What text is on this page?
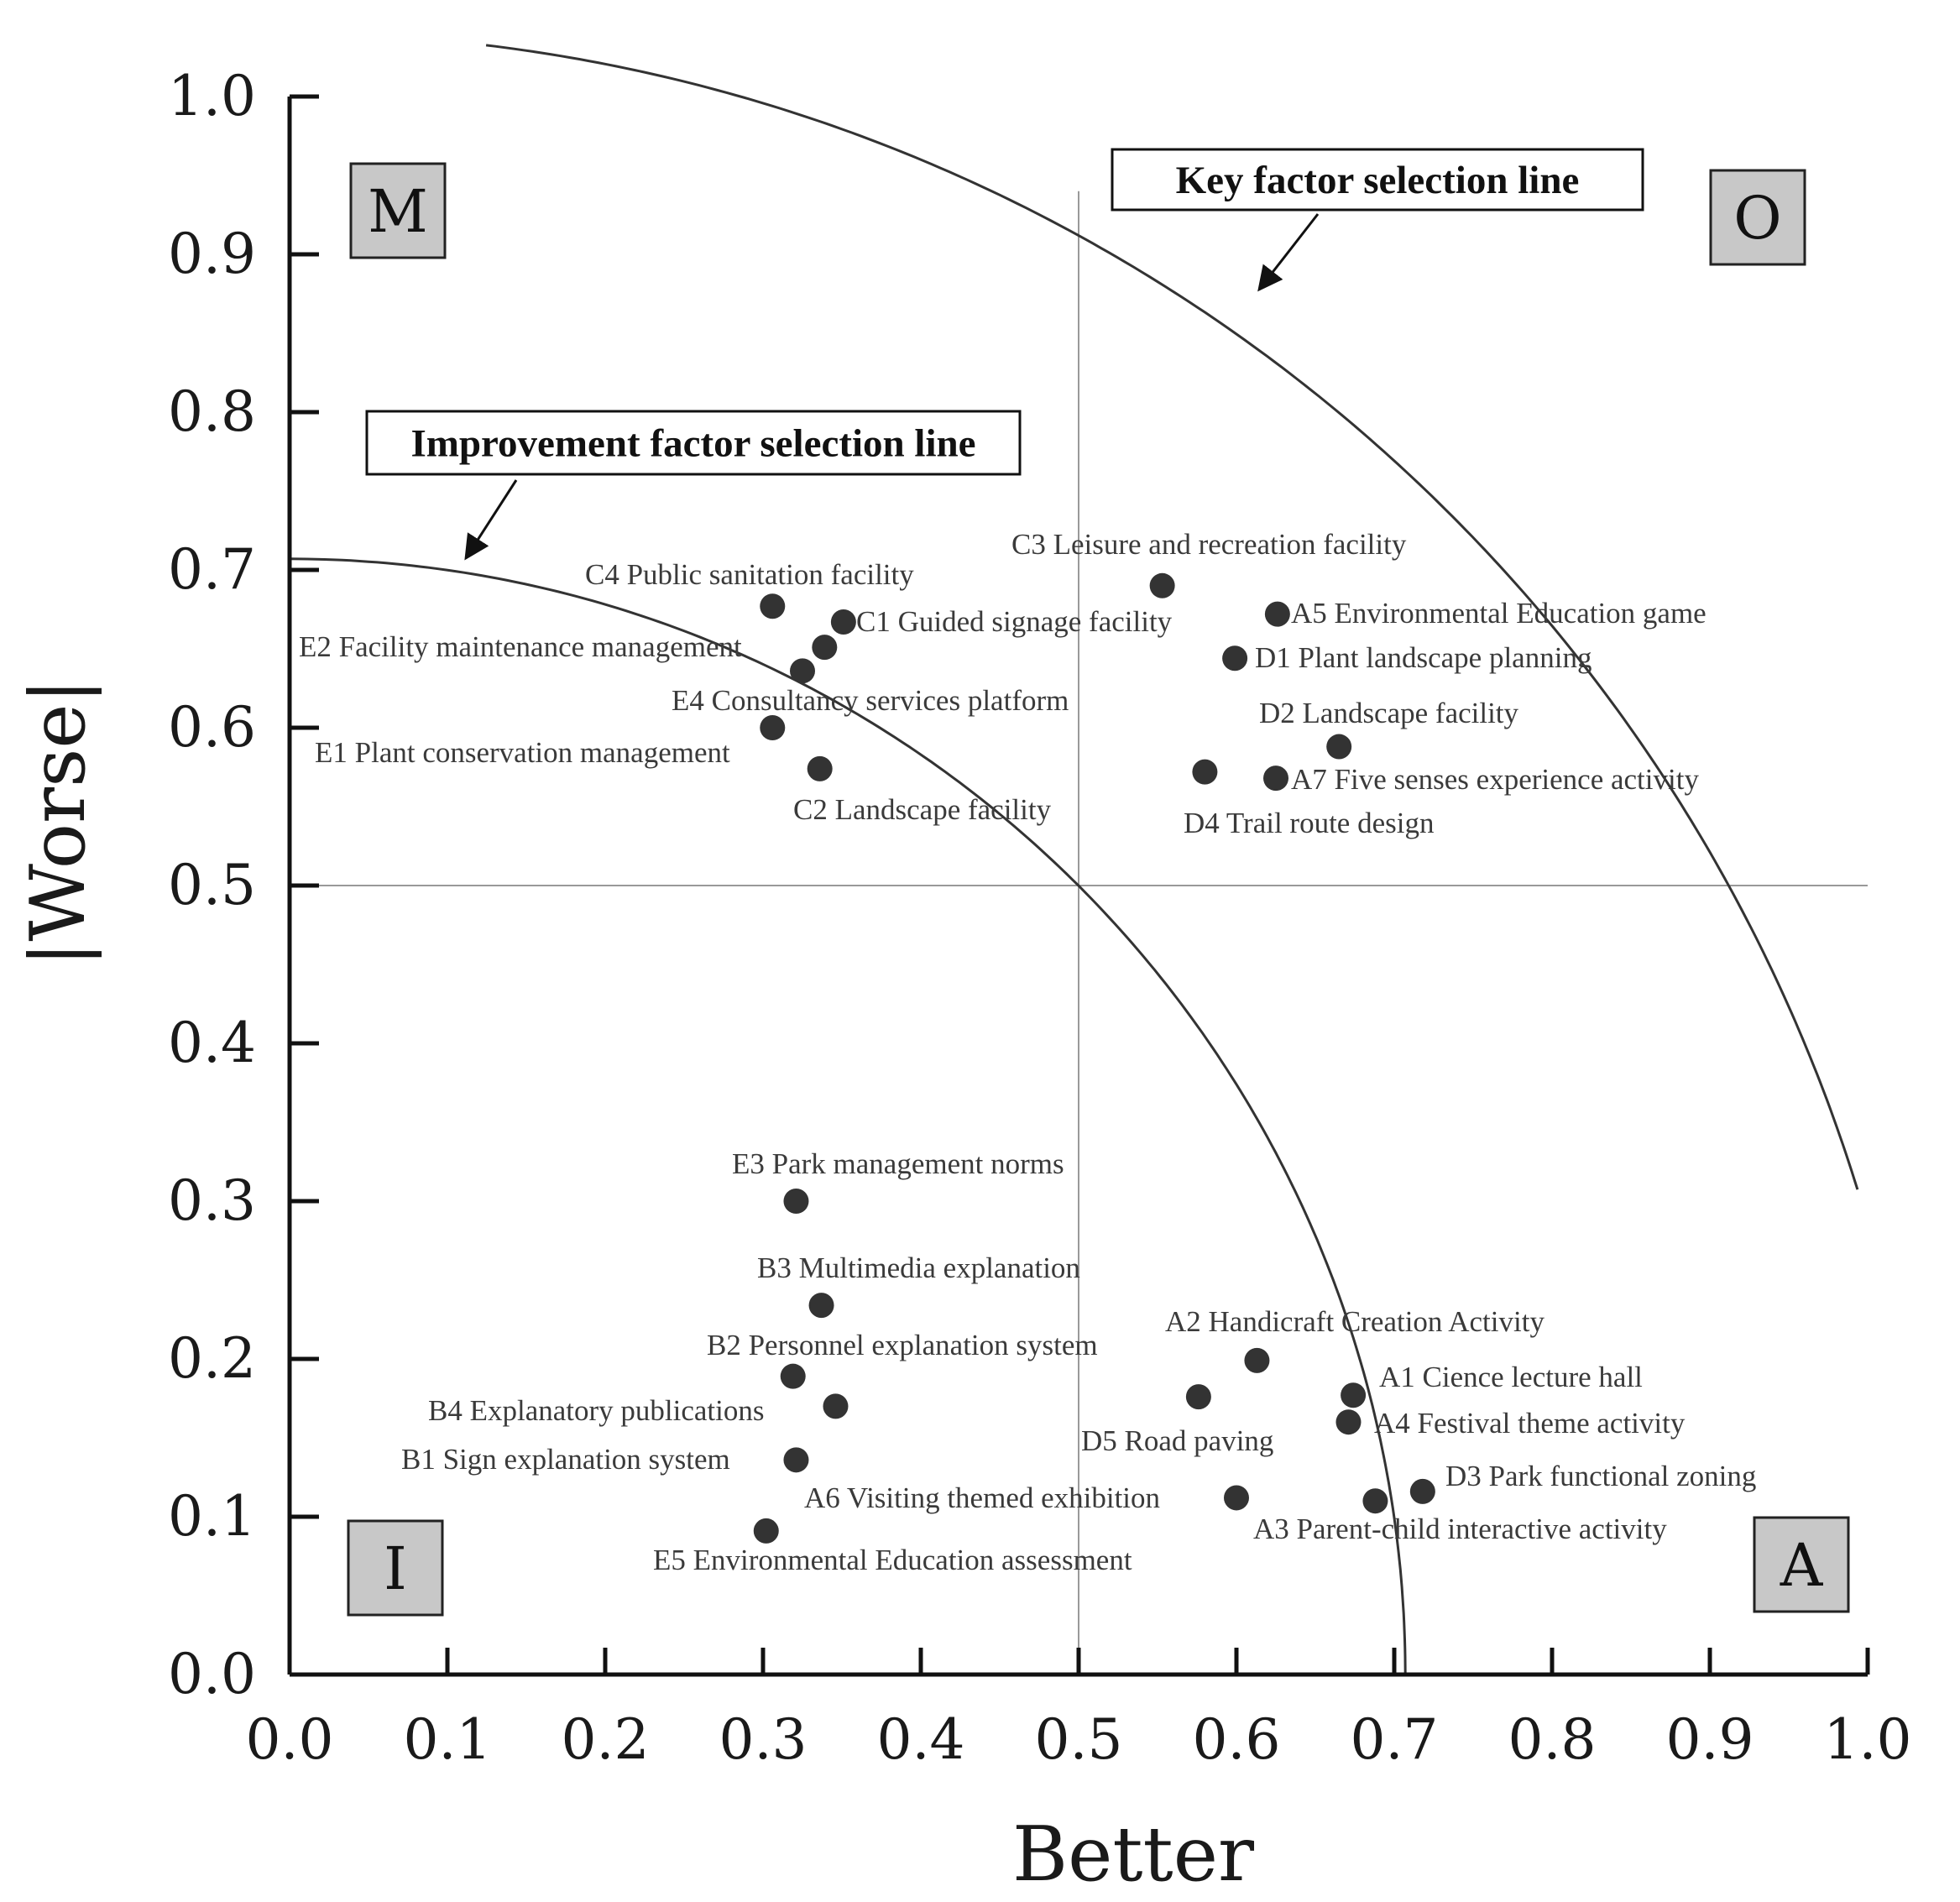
0.0 0.1 0.2 0.3 0.4 0.5 0.6 0.7 0.8 0.9 1.0
0.0
0.1
0.2
0.3
0.4
0.5
0.6
0.7
0.8
0.9
1.0
M	O
I	A
Improvement factor selection line
Key factor selection line
C4 Public sanitation facility
C1 Guided signage facility
E2 Facility maintenance management
E4 Consultancy services platform
E1 Plant conservation management
C2 Landscape facility
C3 Leisure and recreation facility
A5 Environmental Education game
D1 Plant landscape planning
D2 Landscape facility
D4 Trail route design
A7 Five senses experience activity
E3 Park management norms
B3 Multimedia explanation
B2 Personnel explanation system
B4 Explanatory publications
B1 Sign explanation system
E5 Environmental Education assessment
A2 Handicraft Creation Activity
D5 Road paving
A1 Cience lecture hall
A4 Festival theme activity
D3 Park functional zoning
A6 Visiting themed exhibition
A3 Parent-child interactive activity
Better
|Worse|
